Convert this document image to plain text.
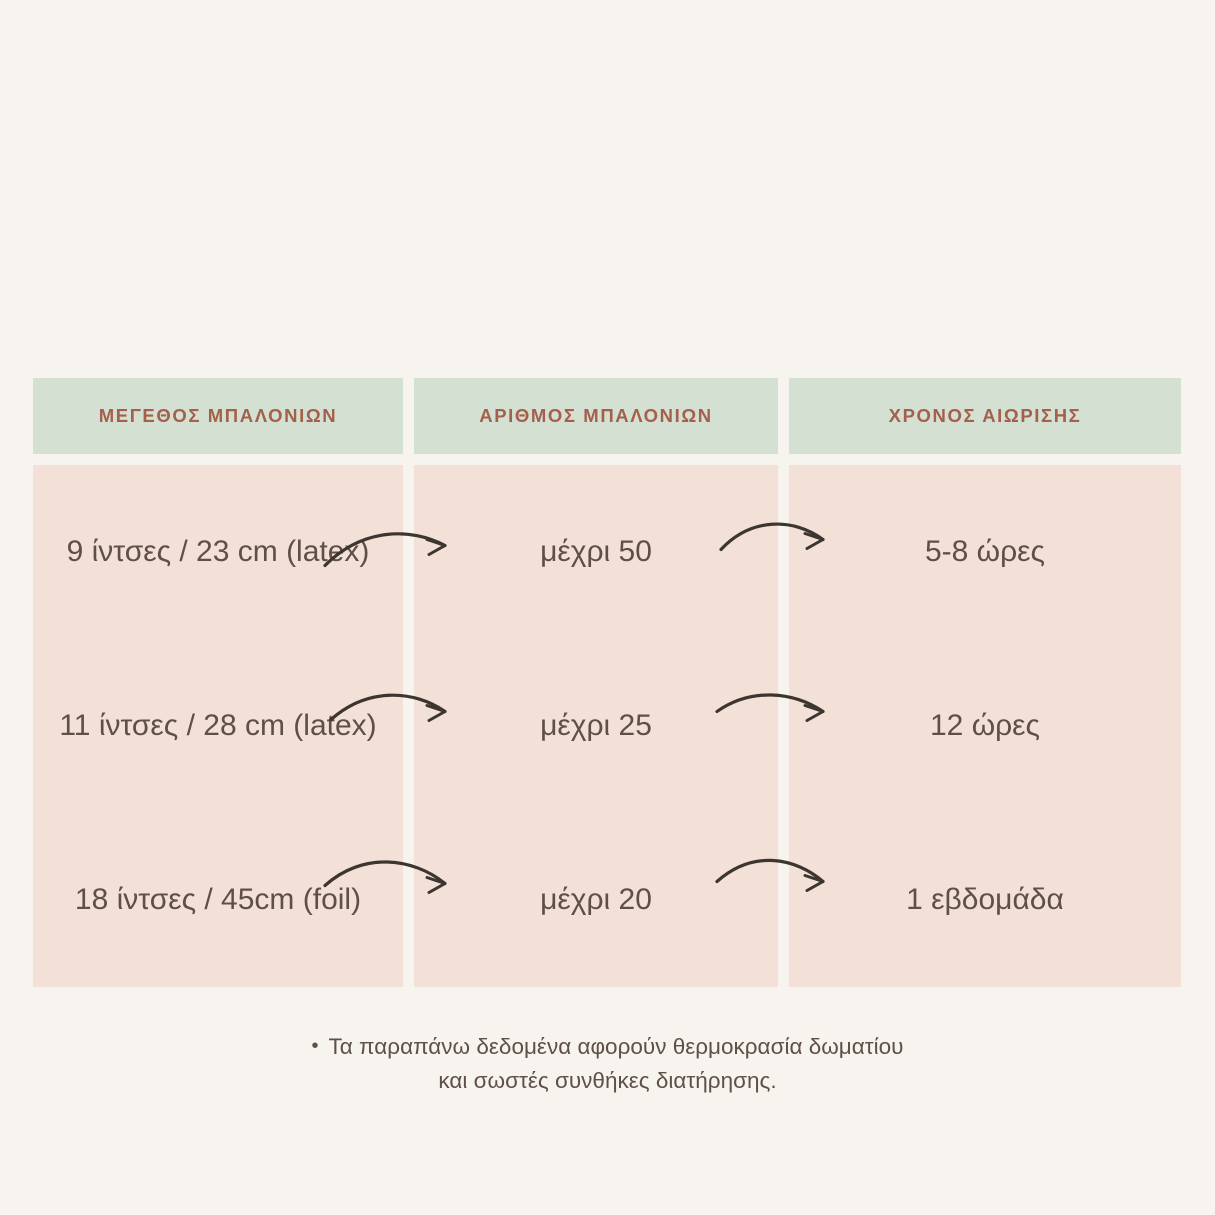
ΜΕΓΕΘΟΣ ΜΠΑΛΟΝΙΩΝ	ΑΡΙΘΜΟΣ ΜΠΑΛΟΝΙΩΝ	ΧΡΟΝΟΣ ΑΙΩΡΙΣΗΣ
9 ίντσες / 23 cm (latex)
11 ίντσες / 28 cm (latex)
18 ίντσες / 45cm (foil)
μέχρι 50
μέχρι 25
μέχρι 20
5-8 ώρες
12 ώρες
1 εβδομάδα
• Τα παραπάνω δεδομένα αφορούν θερμοκρασία δωματίου
και σωστές συνθήκες διατήρησης.
